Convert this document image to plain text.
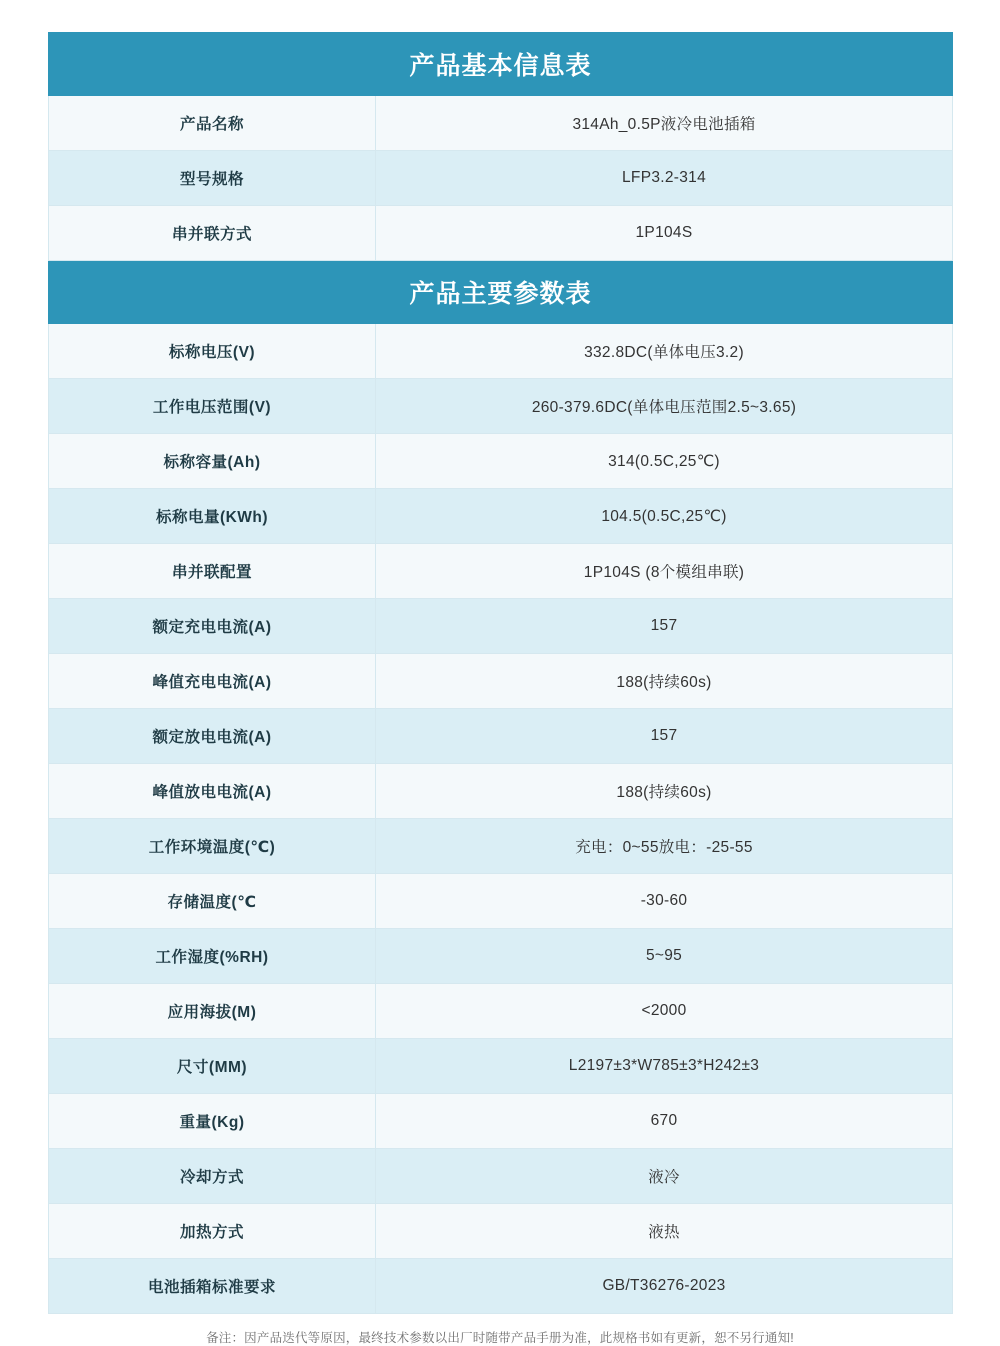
产品基本信息表	
产品名称	314Ah_0.5P液冷电池插箱
型号规格	LFP3.2-314
串并联方式	1P104S
产品主要参数表	
标称电压(V)	332.8DC(单体电压3.2)
工作电压范围(V)	260-379.6DC(单体电压范围2.5~3.65)
标称容量(Ah)	314(0.5C,25℃)
标称电量(KWh)	104.5(0.5C,25℃)
串并联配置	1P104S (8个模组串联)
额定充电电流(A)	157
峰值充电电流(A)	188(持续60s)
额定放电电流(A)	157
峰值放电电流(A)	188(持续60s)
工作环境温度(℃)	充电：0~55放电：-25-55
存储温度(℃	-30-60
工作湿度(%RH)	5~95
应用海拔(M)	<2000
尺寸(MM)	L2197±3*W785±3*H242±3
重量(Kg)	670
冷却方式	液冷
加热方式	液热
电池插箱标准要求	GB/T36276-2023
备注：因产品迭代等原因，最终技术参数以出厂时随带产品手册为准，此规格书如有更新，恕不另行通知!
